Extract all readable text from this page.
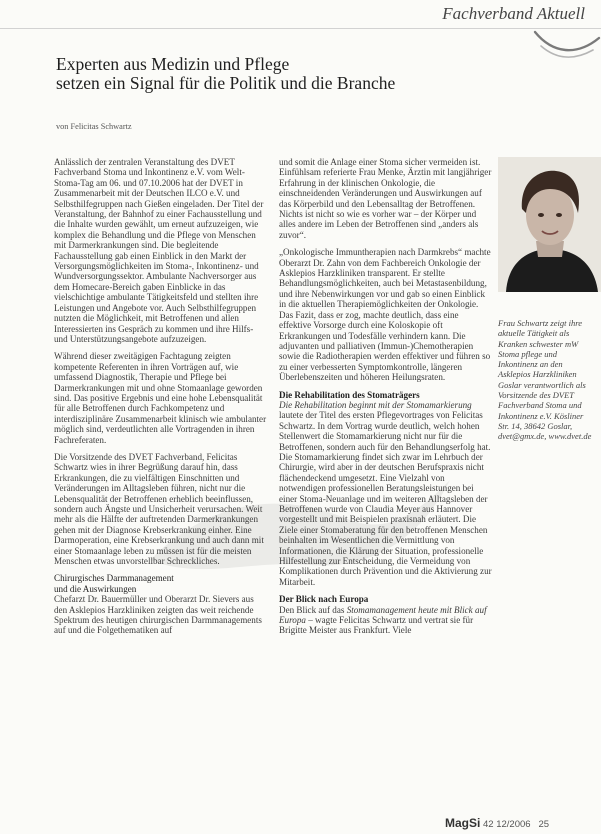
Fachverband Aktuell
Experten aus Medizin und Pflege
setzen ein Signal für die Politik und die Branche
von Felicitas Schwartz

Anlässlich der zentralen Veranstaltung des DVET Fachverband Stoma und Inkontinenz e.V. vom Welt-Stoma-Tag am 06. und 07.10.2006 hat der DVET in Zusammenarbeit mit der Deutschen ILCO e.V. und Selbsthilfegruppen nach Gießen eingeladen. Der Titel der Veranstaltung, der Bahnhof zu einer Fachausstellung und die Inhalte wurden gewählt, um erneut aufzuzeigen, wie komplex die Behandlung und die Pflege von Menschen mit Darmerkrankungen sind. Die begleitende Fachausstellung gab einen Einblick in den Markt der Versorgungsmöglichkeiten im Stoma-, Inkontinenz- und Wundversorgungssektor. Ambulante Nachversorger aus dem Homecare-Bereich gaben Einblicke in das vielschichtige ambulante Tätigkeitsfeld und stellten ihre Leistungen und Angebote vor. Auch Selbsthilfegruppen nutzten die Möglichkeit, mit Betroffenen und allen Interessierten ins Gespräch zu kommen und ihre Hilfs- und Unterstützungsangebote aufzuzeigen.

Während dieser zweitägigen Fachtagung zeigten kompetente Referenten in ihren Vorträgen auf, wie umfassend Diagnostik, Therapie und Pflege bei Darmerkrankungen mit und ohne Stomaanlage geworden sind. Das positive Ergebnis und eine hohe Lebensqualität für alle Betroffenen durch Fachkompetenz und interdisziplinäre Zusammenarbeit klinisch wie ambulanter möglich sind, verdeutlichten alle Vortragenden in ihren Fachreferaten.

Die Vorsitzende des DVET Fachverband, Felicitas Schwartz wies in ihrer Begrüßung darauf hin, dass Erkrankungen, die zu vielfältigen Einschnitten und Veränderungen im Alltagsleben führen, nicht nur die Lebensqualität der Betroffenen erheblich beeinflussen, sondern auch Ängste und Unsicherheit verursachen. Weit mehr als die Hälfte der auftretenden Darmerkrankungen gehen mit der Diagnose Krebserkrankung einher. Eine Darmoperation, eine Krebserkrankung und auch dann mit einer Stomaanlage leben zu müssen ist für die meisten Menschen etwas unvorstellbar Schreckliches.

Chirurgisches Darmmanagement
und die Auswirkungen

Chefarzt Dr. Bauermüller und Oberarzt Dr. Sievers aus den Asklepios Harzkliniken zeigten das weit reichende Spektrum des heutigen chirurgischen Darmmanagements auf und die Folgethematiken auf

und somit die Anlage einer Stoma sicher vermeiden ist. Einfühlsam referierte Frau Menke, Ärztin mit langjähriger Erfahrung in der klinischen Onkologie, die einschneidenden Veränderungen und Auswirkungen auf das Körperbild und den Lebensalltag der Betroffenen. Nichts ist nicht so wie es vorher war – der Körper und alles andere im Leben der Betroffenen sind „anders als zuvor“.

„Onkologische Immuntherapien nach Darmkrebs“ machte Oberarzt Dr. Zahn von dem Fachbereich Onkologie der Asklepios Harzkliniken transparent. Er stellte Behandlungsmöglichkeiten, auch bei Metastasenbildung, und ihre Nebenwirkungen vor und gab so einen Einblick in die aktuellen Therapiemöglichkeiten der Onkologie. Das Fazit, dass er zog, machte deutlich, dass eine effektive Vorsorge durch eine Koloskopie oft Erkrankungen und Todesfälle verhindern kann. Die adjuvanten und palliativen (Immun-)Chemotherapien sowie die Radiotherapien werden effektiver und führen so zu einer verbesserten Symptomkontrolle, längeren Überlebenszeiten und höheren Heilungsraten.

Die Rehabilitation des Stomaträgers

Die Rehabilitation beginnt mit der Stomamarkierung lautete der Titel des ersten Pflegevortrages von Felicitas Schwartz. In dem Vortrag wurde deutlich, welch hohen Stellenwert die Stomamarkierung nicht nur für die Betroffenen, sondern auch für den Behandlungserfolg hat. Die Stomamarkierung findet sich zwar im Lehrbuch der Chirurgie, wird aber in der deutschen Berufspraxis nicht flächendeckend umgesetzt. Eine Vielzahl von notwendigen professionellen Beratungsleistungen bei einer Stoma-Neuanlage und im weiteren Alltagsleben der Betroffenen wurde von Claudia Meyer aus Hannover vorgestellt und mit Beispielen praxisnah erläutert. Die Ziele einer Stomaberatung für den betroffenen Menschen beinhalten im Wesentlichen die Vermittlung von Informationen, die Klärung der Situation, professionelle Hilfestellung zur Entscheidung, die Vermeidung von Komplikationen durch Prävention und die Aktivierung zur Mitarbeit.

Der Blick nach Europa

Den Blick auf das Stomamanagement heute mit Blick auf Europa – wagte Felicitas Schwartz und vertrat sie für Brigitte Meister aus Frankfurt. Viele

Frau Schwartz zeigt ihre aktuelle Tätigkeit als Kranken schwester mW Stoma pflege und Inkontinenz an den Asklepios Harzkliniken Goslar verantwortlich als Vorsitzende des DVET Fachverband Stoma und Inkontinenz e.V. Kösliner Str. 14, 38642 Goslar, dvet@gmx.de, www.dvet.de
MagSi 42 12/2006 25
